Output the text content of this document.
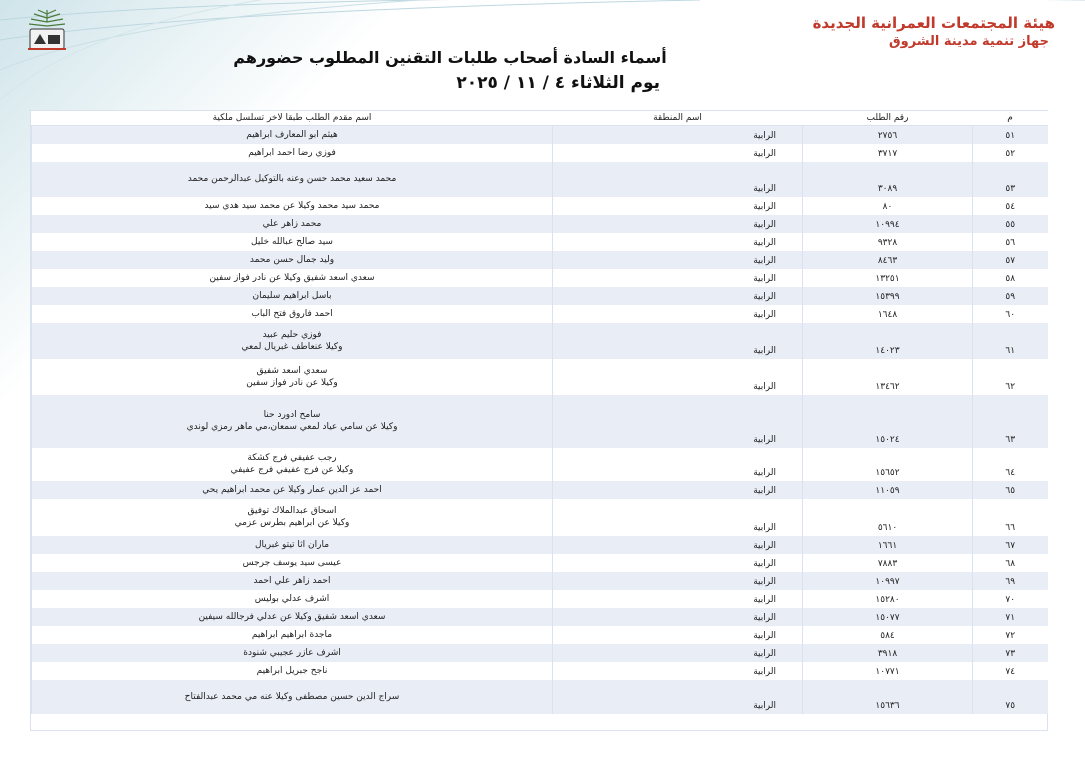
هيئة المجتمعات العمرانية الجديدة
جهاز تنمية مدينة الشروق
أسماء السادة أصحاب طلبات التقنين المطلوب حضورهم
يوم الثلاثاء ٤ / ١١ / ٢٠٢٥
م	رقم الطلب	اسم المنطقة	اسم مقدم الطلب طبقا لاخر تسلسل ملكية
٥١	٢٧٥٦	الرابية	هيثم ابو المعارف ابراهيم

٥٢	٣٧١٧	الرابية	فوزي رضا احمد ابراهيم

٥٣	٣٠٨٩	الرابية	محمد سعيد محمد حسن وعنه بالتوكيل عبدالرحمن محمد

٥٤	٨٠	الرابية	محمد سيد محمد وكيلا عن محمد سيد هدي سيد

٥٥	١٠٩٩٤	الرابية	محمد زاهر علي

٥٦	٩٣٢٨	الرابية	سيد صالح عبالله خليل

٥٧	٨٤٦٣	الرابية	وليد جمال حسن محمد

٥٨	١٣٢٥١	الرابية	سعدي اسعد شفيق وكيلا عن نادر فواز سفين

٥٩	١٥٣٩٩	الرابية	باسل ابراهيم سليمان

٦٠	١٦٤٨	الرابية	احمد فاروق فتح الباب

٦١	١٤٠٢٣	الرابية	فوزي حليم عبيد
وكيلا عنعاطف غبريال لمعي

٦٢	١٣٤٦٢	الرابية	سعدي اسعد شفيق
وكيلا عن نادر فواز سفين

٦٣	١٥٠٢٤	الرابية	سامح ادورد حنا
وكيلا عن سامي عياد لمعي سمعان،مي ماهر رمزي لوندي

٦٤	١٥٦٥٢	الرابية	رجب عفيفي فرج كشكة
وكيلا عن فرج عفيفي فرج عفيفي

٦٥	١١٠٥٩	الرابية	احمد عز الدين عمار وكيلا عن محمد ابراهيم يحي

٦٦	٥٦١٠	الرابية	اسحاق عبدالملاك توفيق
وكيلا عن ابراهيم بطرس عزمي

٦٧	١٦٦١	الرابية	ماران اثا تيتو غبريال

٦٨	٧٨٨٣	الرابية	عيسى سيد يوسف جرجس

٦٩	١٠٩٩٧	الرابية	احمد زاهر علي احمد

٧٠	١٥٢٨٠	الرابية	اشرف عدلي بوليس

٧١	١٥٠٧٧	الرابية	سعدي اسعد شفيق وكيلا عن عدلي فرجالله سيفين

٧٢	٥٨٤	الرابية	ماجدة ابراهيم ابراهيم

٧٣	٣٩١٨	الرابية	اشرف عازر عجيبي شنودة

٧٤	١٠٧٧١	الرابية	ناجح جبريل ابراهيم

٧٥	١٥٦٣٦	الرابية	سراج الدين حسين مصطفى وكيلا عنه مي محمد عبدالفتاح
